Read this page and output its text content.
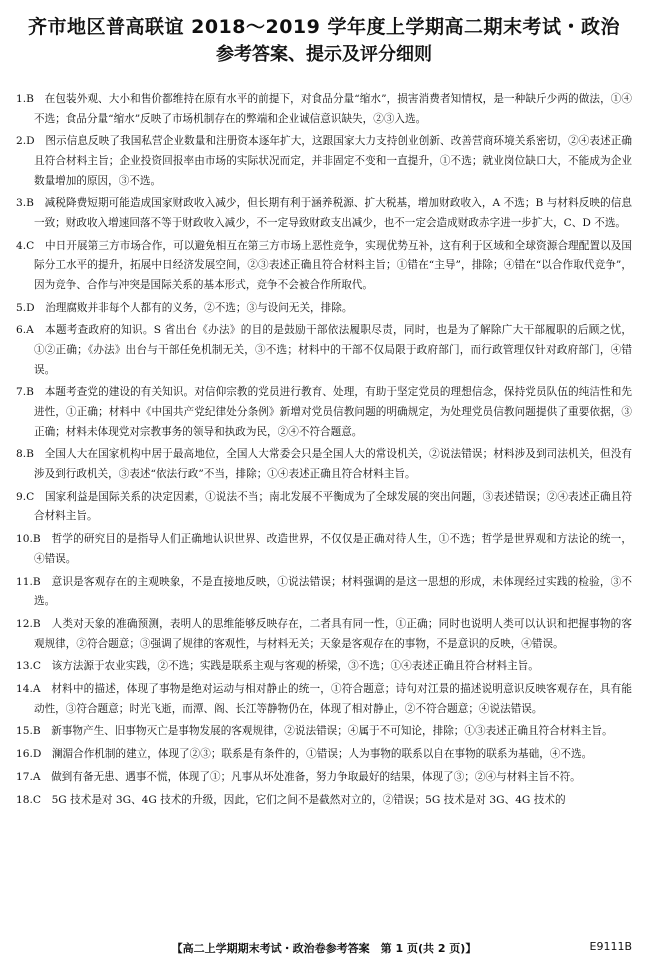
齐市地区普高联谊 2018～2019 学年度上学期高二期末考试・政治
参考答案、提示及评分细则
1.B　 在包装外观、大小和售价都维持在原有水平的前提下，对食品分量“缩水”，损害消费者知情权，是一种缺斤少两的做法，①④不选；食品分量“缩水”反映了市场机制存在的弊端和企业诚信意识缺失，②③入选。
2.D　 图示信息反映了我国私营企业数量和注册资本逐年扩大，这跟国家大力支持创业创新、改善营商环境关系密切，②④表述正确且符合材料主旨；企业投资回报率由市场的实际状况而定，并非固定不变和一直提升，①不选；就业岗位缺口大，不能成为企业数量增加的原因，③不选。
3.B　 减税降费短期可能造成国家财政收入减少，但长期有利于涵养税源、扩大税基，增加财政收入，A 不选；B 与材料反映的信息一致；财政收入增速回落不等于财政收入减少，不一定导致财政支出减少，也不一定会造成财政赤字进一步扩大，C、D 不选。
4.C　 中日开展第三方市场合作，可以避免相互在第三方市场上恶性竞争，实现优势互补，这有利于区域和全球资源合理配置以及国际分工水平的提升，拓展中日经济发展空间，②③表述正确且符合材料主旨；①错在“主导”，排除；④错在“以合作取代竞争”，因为竞争、合作与冲突是国际关系的基本形式，竞争不会被合作所取代。
5.D　 治理腐败并非每个人都有的义务，②不选；③与设问无关，排除。
6.A　 本题考查政府的知识。S 省出台《办法》的目的是鼓励干部依法履职尽责，同时，也是为了解除广大干部履职的后顾之忧，①②正确；《办法》出台与干部任免机制无关，③不选；材料中的干部不仅局限于政府部门，而行政管理仅针对政府部门，④错误。
7.B　 本题考查党的建设的有关知识。对信仰宗教的党员进行教育、处理，有助于坚定党员的理想信念，保持党员队伍的纯洁性和先进性，①正确；材料中《中国共产党纪律处分条例》新增对党员信教问题的明确规定，为处理党员信教问题提供了重要依据，③正确；材料未体现党对宗教事务的领导和执政为民，②④不符合题意。
8.B　 全国人大在国家机构中居于最高地位，全国人大常委会只是全国人大的常设机关，②说法错误；材料涉及到司法机关，但没有涉及到行政机关，③表述“依法行政”不当，排除；①④表述正确且符合材料主旨。
9.C　 国家利益是国际关系的决定因素，①说法不当；南北发展不平衡成为了全球发展的突出问题，③表述错误；②④表述正确且符合材料主旨。
10.B　 哲学的研究目的是指导人们正确地认识世界、改造世界，不仅仅是正确对待人生，①不选；哲学是世界观和方法论的统一，④错误。
11.B　 意识是客观存在的主观映象，不是直接地反映，①说法错误；材料强调的是这一思想的形成，未体现经过实践的检验，③不选。
12.B　 人类对天象的准确预测，表明人的思维能够反映存在，二者具有同一性，①正确；同时也说明人类可以认识和把握事物的客观规律，②符合题意；③强调了规律的客观性，与材料无关；天象是客观存在的事物，不是意识的反映，④错误。
13.C　 该方法源于农业实践，②不选；实践是联系主观与客观的桥梁，③不选；①④表述正确且符合材料主旨。
14.A　 材料中的描述，体现了事物是绝对运动与相对静止的统一，①符合题意；诗句对江景的描述说明意识反映客观存在，具有能动性，③符合题意；时光飞逝，而潭、阁、长江等静物仍在，体现了相对静止，②不符合题意；④说法错误。
15.B　 新事物产生、旧事物灭亡是事物发展的客观规律，②说法错误；④属于不可知论，排除；①③表述正确且符合材料主旨。
16.D　 澜湄合作机制的建立，体现了②③；联系是有条件的，①错误；人为事物的联系以自在事物的联系为基础，④不选。
17.A　 做到有备无患、遇事不慌，体现了①；凡事从坏处准备，努力争取最好的结果，体现了③；②④与材料主旨不符。
18.C　 5G 技术是对 3G、4G 技术的升级，因此，它们之间不是截然对立的，②错误；5G 技术是对 3G、4G 技术的
【高二上学期期末考试・政治卷参考答案　第 1 页(共 2 页)】	E9111B
